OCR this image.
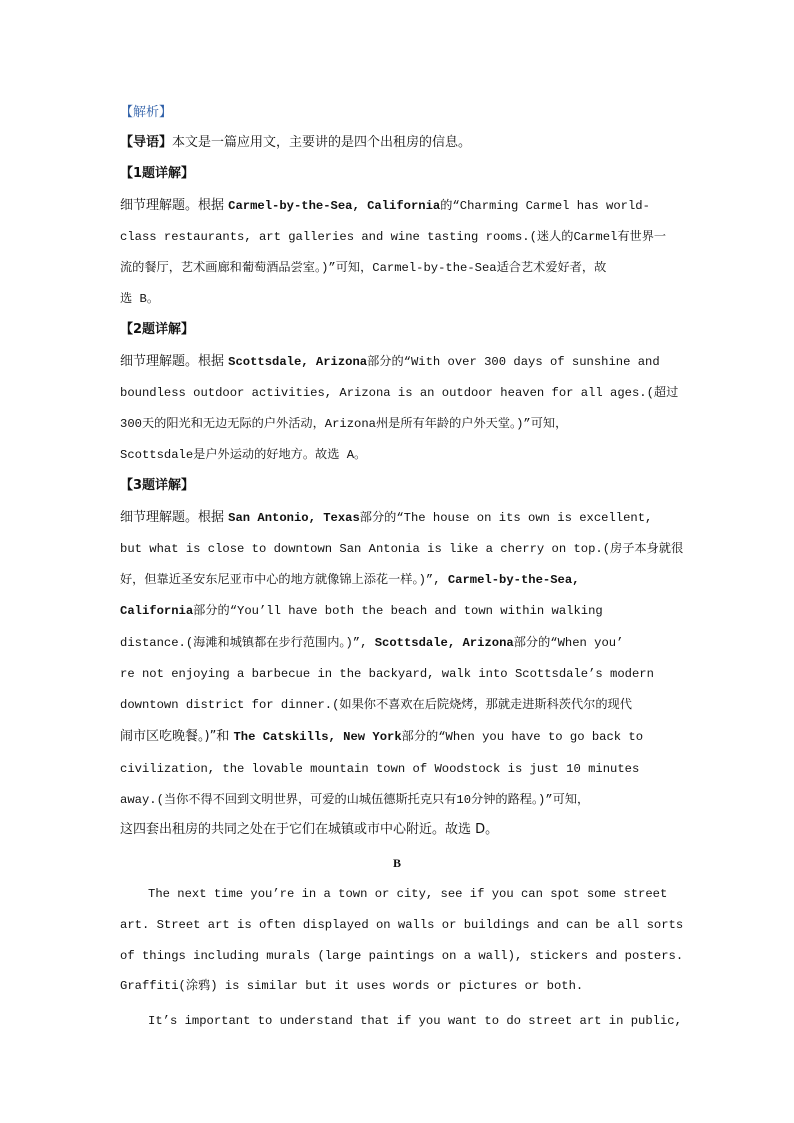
【解析】
【导语】本文是一篇应用文，主要讲的是四个出租房的信息。
【1题详解】
细节理解题。根据 Carmel-by-the-Sea, California的“Charming Carmel has world-
class restaurants, art galleries and wine tasting rooms.(迷人的Carmel有世界一
流的餐厅，艺术画廊和葡萄酒品尝室。)”可知，Carmel-by-the-Sea适合艺术爱好者，故
选 B。
【2题详解】
细节理解题。根据 Scottsdale, Arizona部分的“With over 300 days of sunshine and
boundless outdoor activities, Arizona is an outdoor heaven for all ages.(超过
300天的阳光和无边无际的户外活动，Arizona州是所有年龄的户外天堂。)”可知，
Scottsdale是户外运动的好地方。故选 A。
【3题详解】
细节理解题。根据 San Antonio, Texas部分的“The house on its own is excellent,
but what is close to downtown San Antonia is like a cherry on top.(房子本身就很
好，但靠近圣安东尼亚市中心的地方就像锦上添花一样。)”, Carmel-by-the-Sea,
California部分的“You’ll have both the beach and town within walking
distance.(海滩和城镇都在步行范围内。)”, Scottsdale, Arizona部分的“When you’
re not enjoying a barbecue in the backyard, walk into Scottsdale’s modern
downtown district for dinner.(如果你不喜欢在后院烧烤，那就走进斯科茨代尔的现代
闹市区吃晚餐。)”和 The Catskills, New York部分的“When you have to go back to
civilization, the lovable mountain town of Woodstock is just 10 minutes
away.(当你不得不回到文明世界，可爱的山城伍德斯托克只有10分钟的路程。)”可知，
这四套出租房的共同之处在于它们在城镇或市中心附近。故选 D。
B
The next time you’re in a town or city, see if you can spot some street
art. Street art is often displayed on walls or buildings and can be all sorts
of things including murals (large paintings on a wall), stickers and posters.
Graffiti(涂鸦) is similar but it uses words or pictures or both.
It’s important to understand that if you want to do street art in public,
